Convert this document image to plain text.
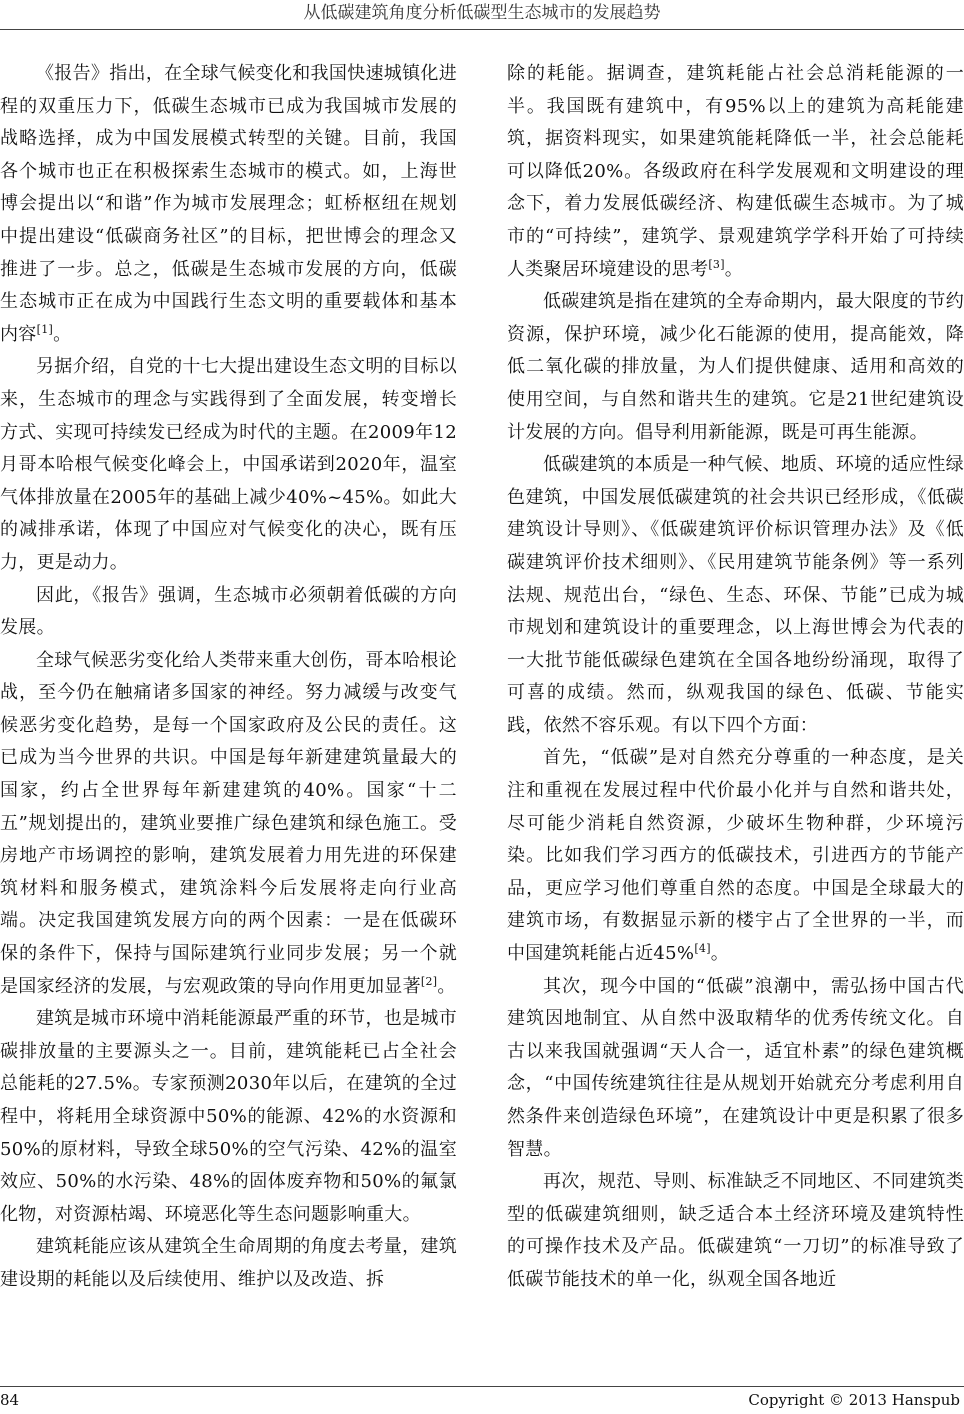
从低碳建筑角度分析低碳型生态城市的发展趋势

《报告》指出，在全球气候变化和我国快速城镇化进程的双重压力下，低碳生态城市已成为我国城市发展的战略选择，成为中国发展模式转型的关键。目前，我国各个城市也正在积极探索生态城市的模式。如，上海世博会提出以“和谐”作为城市发展理念；虹桥枢纽在规划中提出建设“低碳商务社区”的目标，把世博会的理念又推进了一步。总之，低碳是生态城市发展的方向，低碳生态城市正在成为中国践行生态文明的重要载体和基本内容[1]。

另据介绍，自党的十七大提出建设生态文明的目标以来，生态城市的理念与实践得到了全面发展，转变增长方式、实现可持续发已经成为时代的主题。在2009年12月哥本哈根气候变化峰会上，中国承诺到2020年，温室气体排放量在2005年的基础上减少40%~45%。如此大的减排承诺，体现了中国应对气候变化的决心，既有压力，更是动力。

因此，《报告》强调，生态城市必须朝着低碳的方向发展。

全球气候恶劣变化给人类带来重大创伤，哥本哈根论战，至今仍在触痛诸多国家的神经。努力减缓与改变气候恶劣变化趋势，是每一个国家政府及公民的责任。这已成为当今世界的共识。中国是每年新建建筑量最大的国家，约占全世界每年新建建筑的40%。国家“十二五”规划提出的，建筑业要推广绿色建筑和绿色施工。受房地产市场调控的影响，建筑发展着力用先进的环保建筑材料和服务模式，建筑涂料今后发展将走向行业高端。决定我国建筑发展方向的两个因素：一是在低碳环保的条件下，保持与国际建筑行业同步发展；另一个就是国家经济的发展，与宏观政策的导向作用更加显著[2]。

建筑是城市环境中消耗能源最严重的环节，也是城市碳排放量的主要源头之一。目前，建筑能耗已占全社会总能耗的27.5%。专家预测2030年以后，在建筑的全过程中，将耗用全球资源中50%的能源、42%的水资源和50%的原材料，导致全球50%的空气污染、42%的温室效应、50%的水污染、48%的固体废弃物和50%的氟氯化物，对资源枯竭、环境恶化等生态问题影响重大。

建筑耗能应该从建筑全生命周期的角度去考量，建筑建设期的耗能以及后续使用、维护以及改造、拆

除的耗能。据调查，建筑耗能占社会总消耗能源的一半。我国既有建筑中，有95%以上的建筑为高耗能建筑，据资料现实，如果建筑能耗降低一半，社会总能耗可以降低20%。各级政府在科学发展观和文明建设的理念下，着力发展低碳经济、构建低碳生态城市。为了城市的“可持续”，建筑学、景观建筑学学科开始了可持续人类聚居环境建设的思考[3]。

低碳建筑是指在建筑的全寿命期内，最大限度的节约资源，保护环境，减少化石能源的使用，提高能效，降低二氧化碳的排放量，为人们提供健康、适用和高效的使用空间，与自然和谐共生的建筑。它是21世纪建筑设计发展的方向。倡导利用新能源，既是可再生能源。

低碳建筑的本质是一种气候、地质、环境的适应性绿色建筑，中国发展低碳建筑的社会共识已经形成，《低碳建筑设计导则》、《低碳建筑评价标识管理办法》及《低碳建筑评价技术细则》、《民用建筑节能条例》等一系列法规、规范出台，“绿色、生态、环保、节能”已成为城市规划和建筑设计的重要理念，以上海世博会为代表的一大批节能低碳绿色建筑在全国各地纷纷涌现，取得了可喜的成绩。然而，纵观我国的绿色、低碳、节能实践，依然不容乐观。有以下四个方面：

首先，“低碳”是对自然充分尊重的一种态度，是关注和重视在发展过程中代价最小化并与自然和谐共处，尽可能少消耗自然资源，少破坏生物种群，少环境污染。比如我们学习西方的低碳技术，引进西方的节能产品，更应学习他们尊重自然的态度。中国是全球最大的建筑市场，有数据显示新的楼宇占了全世界的一半，而中国建筑耗能占近45%[4]。

其次，现今中国的“低碳”浪潮中，需弘扬中国古代建筑因地制宜、从自然中汲取精华的优秀传统文化。自古以来我国就强调“天人合一，适宜朴素”的绿色建筑概念，“中国传统建筑往往是从规划开始就充分考虑利用自然条件来创造绿色环境”，在建筑设计中更是积累了很多智慧。

再次，规范、导则、标准缺乏不同地区、不同建筑类型的低碳建筑细则，缺乏适合本土经济环境及建筑特性的可操作技术及产品。低碳建筑“一刀切”的标准导致了低碳节能技术的单一化，纵观全国各地近

84	Copyright © 2013 Hanspub
